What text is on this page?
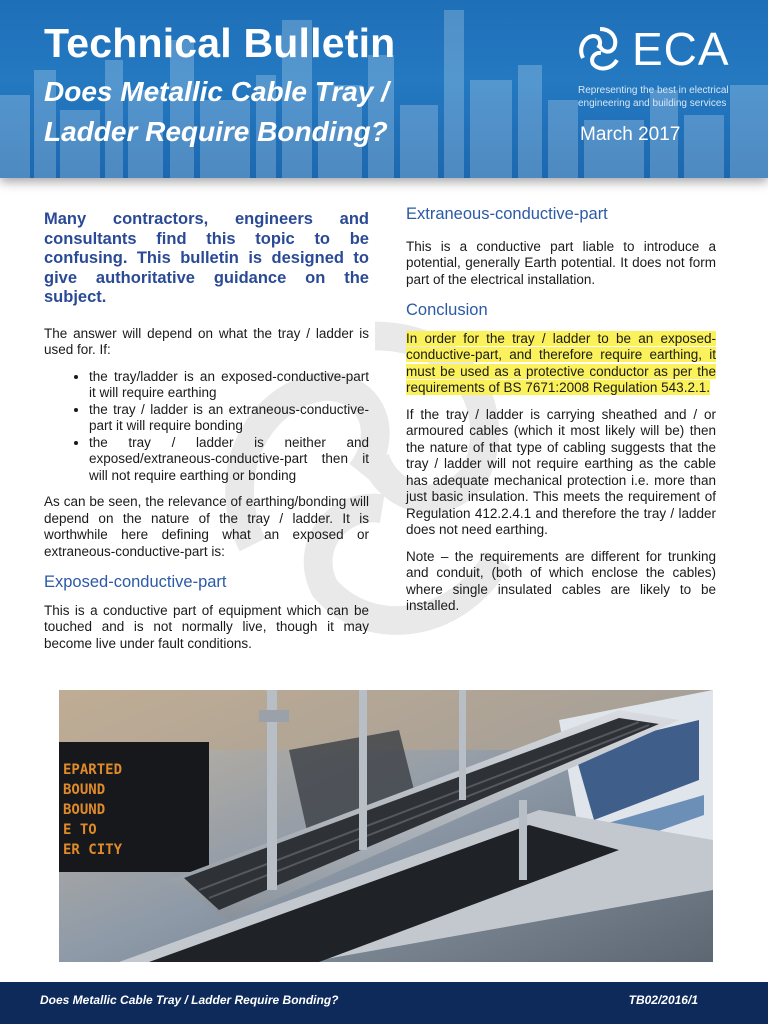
Technical Bulletin
Does Metallic Cable Tray /
Ladder Require Bonding?
ECA
Representing the best in electrical engineering and building services
March 2017

Many contractors, engineers and consultants find this topic to be confusing. This bulletin is designed to give authoritative guidance on the subject.

The answer will depend on what the tray / ladder is used for. If:

• the tray/ladder is an exposed-conductive-part it will require earthing
• the tray / ladder is an extraneous-conductive-part it will require bonding
• the tray / ladder is neither and exposed/extraneous-conductive-part then it will not require earthing or bonding

As can be seen, the relevance of earthing/bonding will depend on the nature of the tray / ladder. It is worthwhile here defining what an exposed or extraneous-conductive-part is:

Exposed-conductive-part

This is a conductive part of equipment which can be touched and is not normally live, though it may become live under fault conditions.

Extraneous-conductive-part

This is a conductive part liable to introduce a potential, generally Earth potential. It does not form part of the electrical installation.

Conclusion

In order for the tray / ladder to be an exposed-conductive-part, and therefore require earthing, it must be used as a protective conductor as per the requirements of BS 7671:2008 Regulation 543.2.1.

If the tray / ladder is carrying sheathed and / or armoured cables (which it most likely will be) then the nature of that type of cabling suggests that the tray / ladder will not require earthing as the cable has adequate mechanical protection i.e. more than just basic insulation. This meets the requirement of Regulation 412.2.4.1 and therefore the tray / ladder does not need earthing.

Note – the requirements are different for trunking and conduit, (both of which enclose the cables) where single insulated cables are likely to be installed.

EPARTED
BOUND
BOUND
E TO
ER CITY
Does Metallic Cable Tray / Ladder Require Bonding?	TB02/2016/1
